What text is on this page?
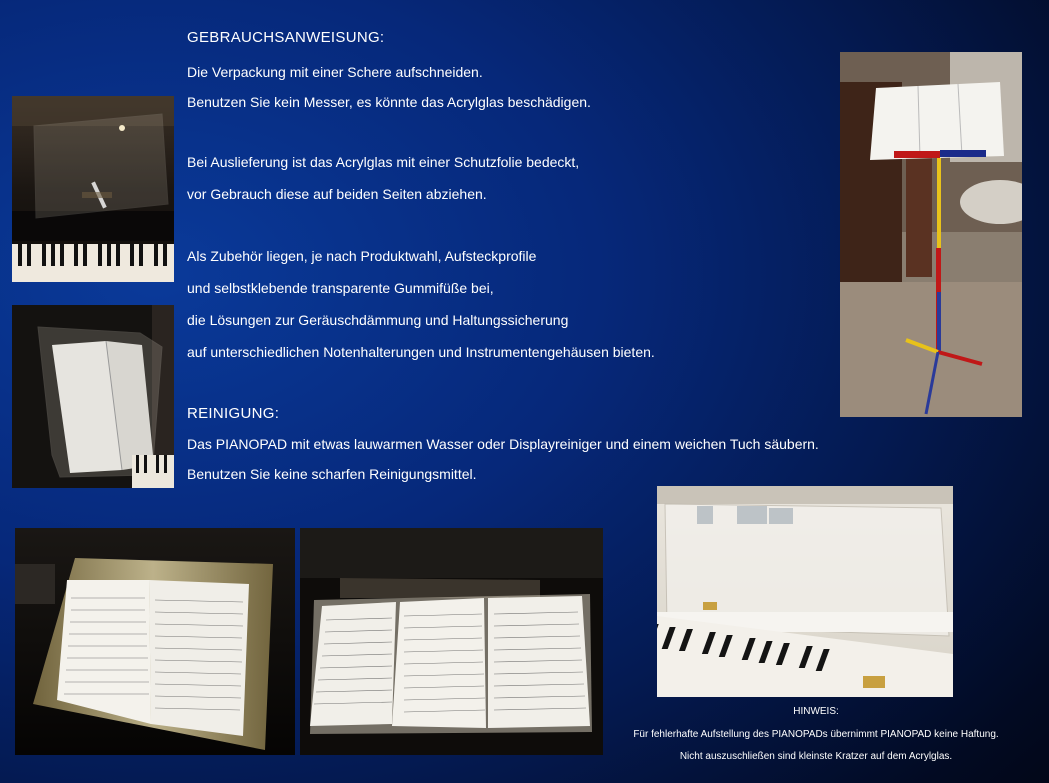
GEBRAUCHSANWEISUNG:
Die Verpackung mit einer Schere aufschneiden.
Benutzen Sie kein Messer, es könnte das Acrylglas beschädigen.
Bei Auslieferung ist das Acrylglas mit einer Schutzfolie bedeckt,
vor Gebrauch diese auf beiden Seiten abziehen.
Als Zubehör liegen, je nach Produktwahl, Aufsteckprofile
und selbstklebende transparente Gummifüße bei,
die Lösungen zur Geräuschdämmung und Haltungssicherung
auf unterschiedlichen Notenhalterungen und Instrumentengehäusen bieten.
REINIGUNG:
Das PIANOPAD mit etwas lauwarmen Wasser oder Displayreiniger und einem weichen Tuch säubern.
Benutzen Sie keine scharfen Reinigungsmittel.
HINWEIS:
Für fehlerhafte Aufstellung des PIANOPADs übernimmt PIANOPAD keine Haftung.
Nicht auszuschließen sind kleinste Kratzer auf dem Acrylglas.
